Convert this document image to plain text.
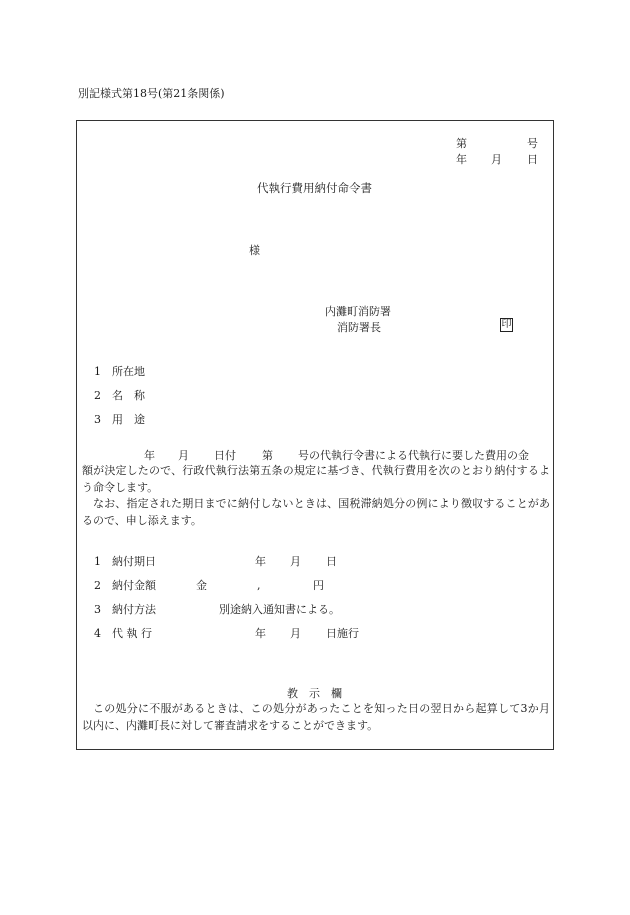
別記様式第18号(第21条関係)
第	号
年 月 日
代執行費用納付命令書
様
内灘町消防署
消防署長	印
1 所在地
2 名　称
3 用　途
年 月 日付 第 号の代執行令書による代執行に要した費用の金
額が決定したので、行政代執行法第五条の規定に基づき、代執行費用を次のとおり納付するよう命令します。
なお、指定された期日までに納付しないときは、国税滞納処分の例により徴収することがあるので、申し添えます。
1 納付期日	年 月 日
2 納付金額	金	,	円
3 納付方法	別途納入通知書による。
4 代 執 行	年 月 日施行
教　示　欄
この処分に不服があるときは、この処分があったことを知った日の翌日から起算して3か月以内に、内灘町長に対して審査請求をすることができます。
